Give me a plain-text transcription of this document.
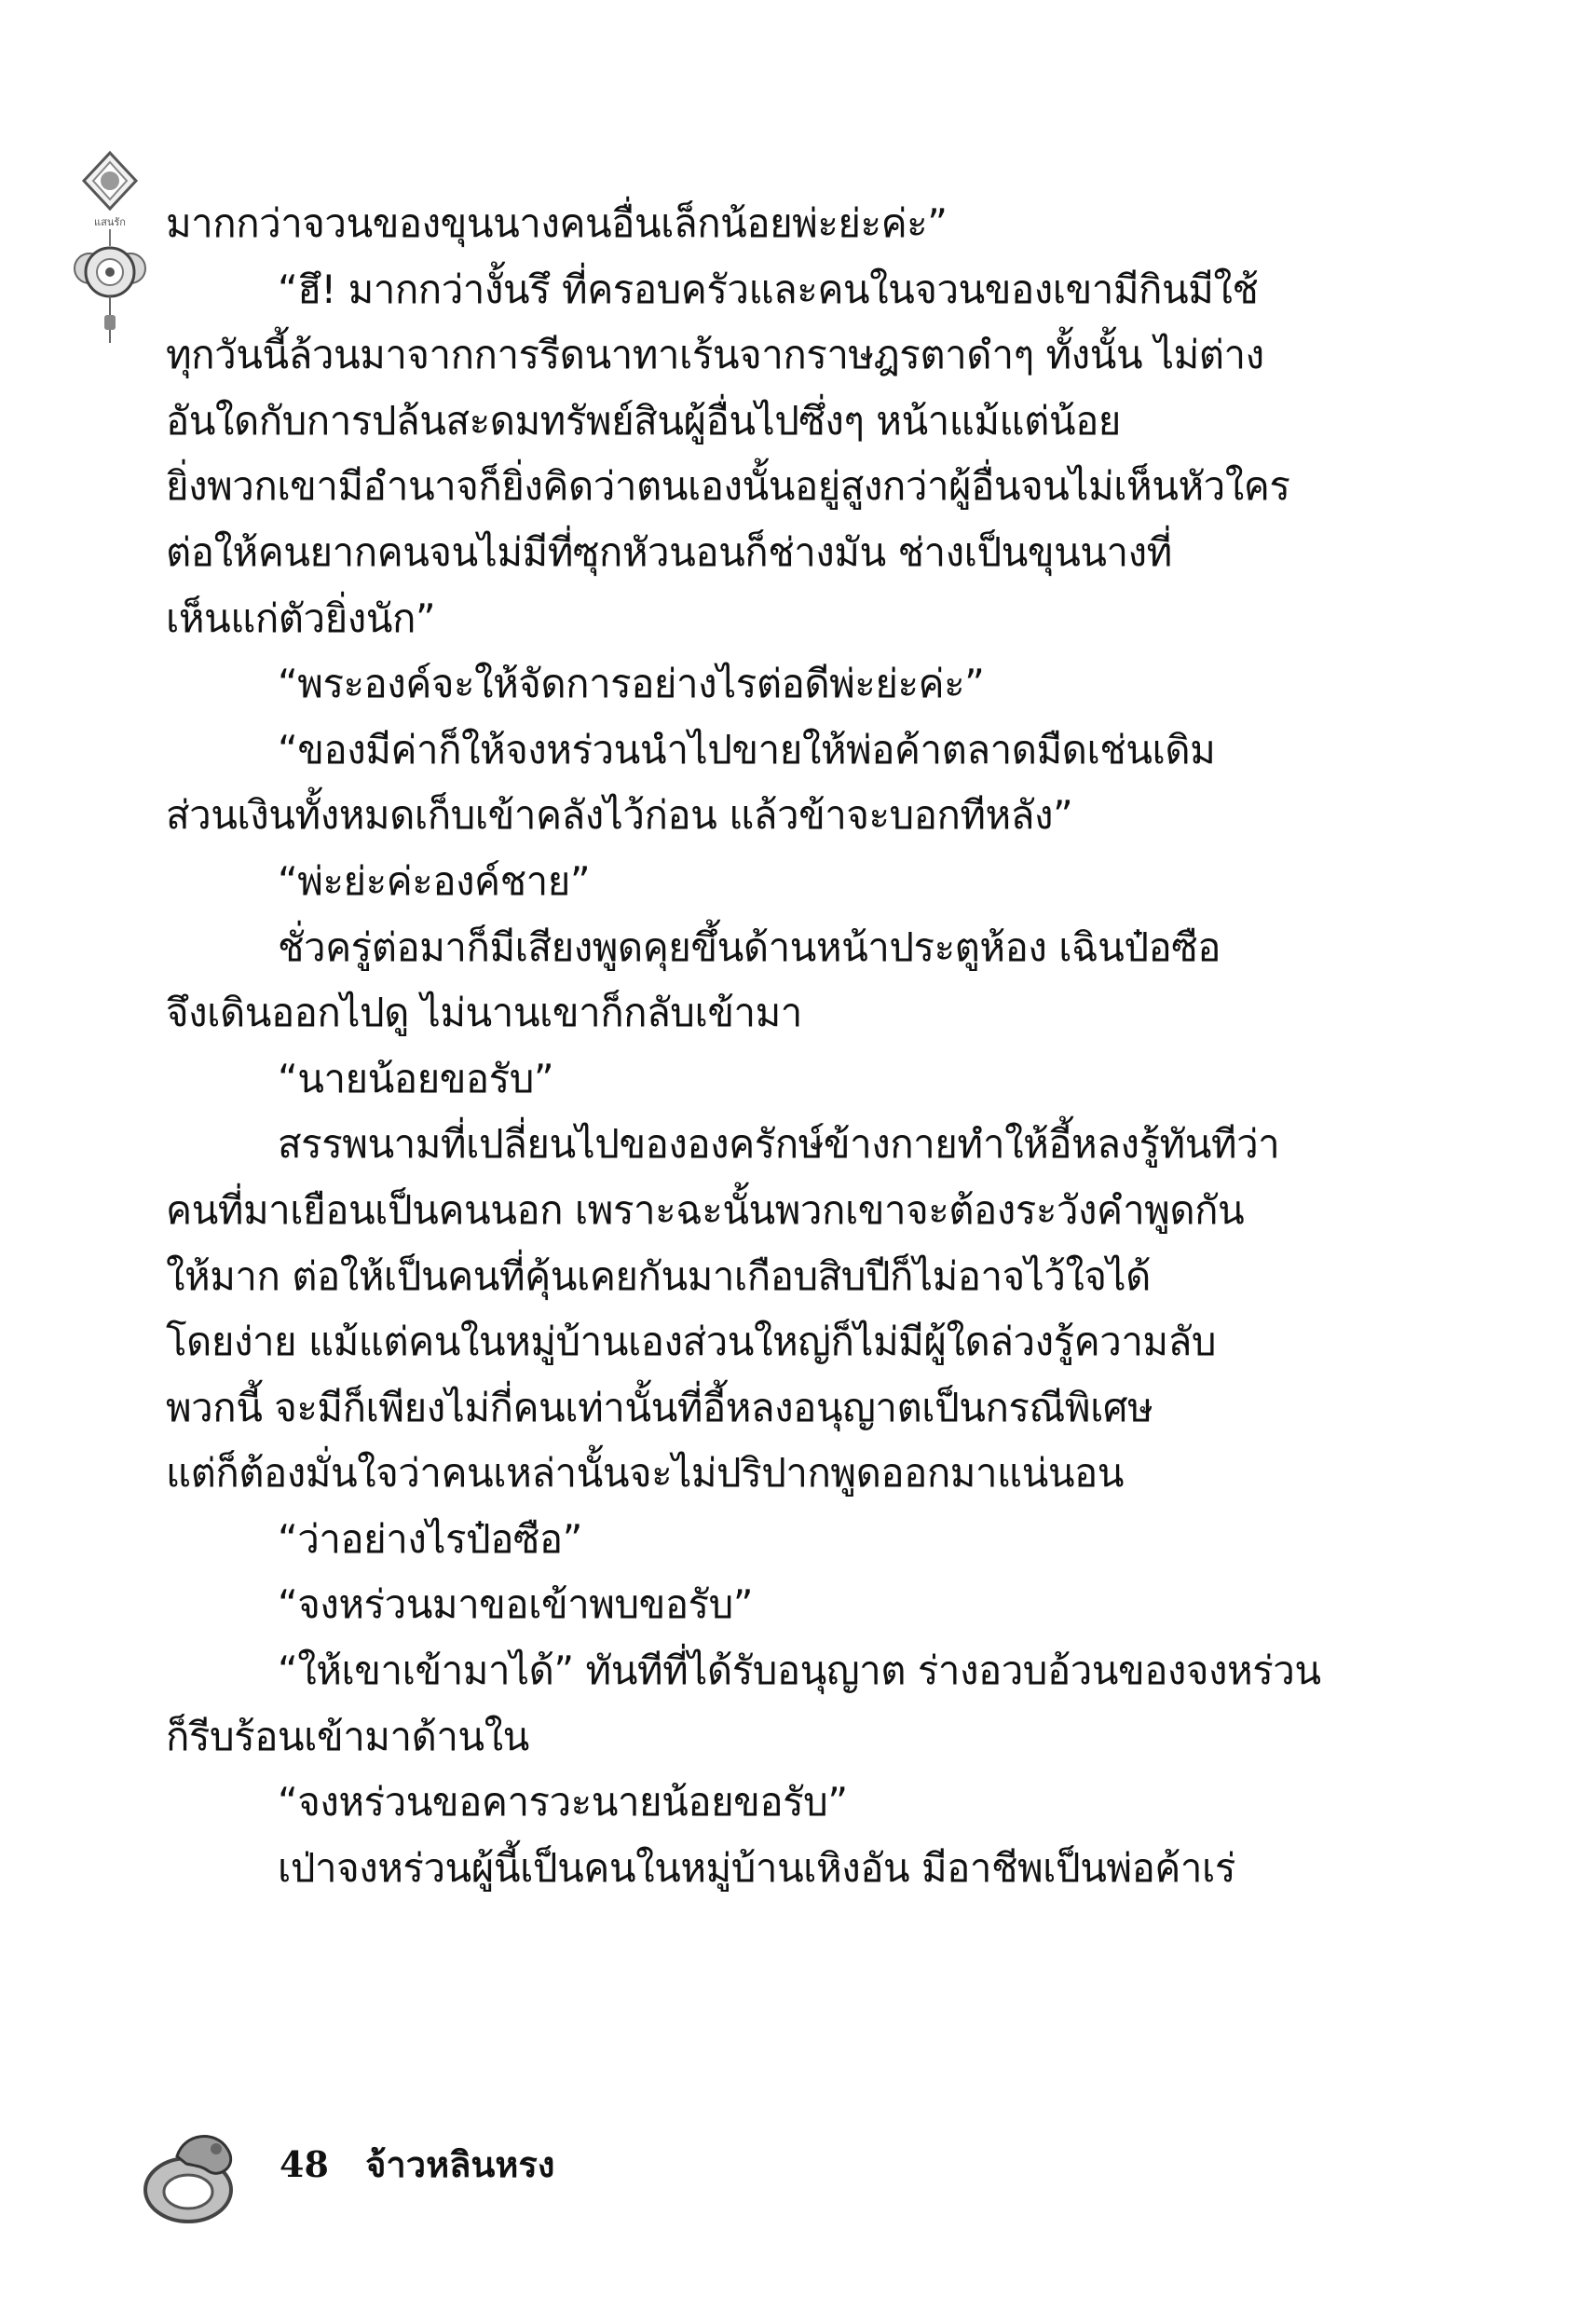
แสนรัก มากกว่าจวนของขุนนางคนอื่นเล็กน้อยพ่ะย่ะค่ะ”
“ฮึ! มากกว่างั้นรึ ที่ครอบครัวและคนในจวนของเขามีกินมีใช้
ทุกวันนี้ล้วนมาจากการรีดนาทาเร้นจากราษฎรตาดำๆ ทั้งนั้น ไม่ต่าง
อันใดกับการปล้นสะดมทรัพย์สินผู้อื่นไปซึ่งๆ หน้าแม้แต่น้อย
ยิ่งพวกเขามีอำนาจก็ยิ่งคิดว่าตนเองนั้นอยู่สูงกว่าผู้อื่นจนไม่เห็นหัวใคร
ต่อให้คนยากคนจนไม่มีที่ซุกหัวนอนก็ช่างมัน ช่างเป็นขุนนางที่
เห็นแก่ตัวยิ่งนัก”
“พระองค์จะให้จัดการอย่างไรต่อดีพ่ะย่ะค่ะ”
“ของมีค่าก็ให้จงหร่วนนำไปขายให้พ่อค้าตลาดมืดเช่นเดิม
ส่วนเงินทั้งหมดเก็บเข้าคลังไว้ก่อน แล้วข้าจะบอกทีหลัง”
“พ่ะย่ะค่ะองค์ชาย”
ชั่วครู่ต่อมาก็มีเสียงพูดคุยขึ้นด้านหน้าประตูห้อง เฉินป๋อซือ
จึงเดินออกไปดู ไม่นานเขาก็กลับเข้ามา
“นายน้อยขอรับ”
สรรพนามที่เปลี่ยนไปขององครักษ์ข้างกายทำให้อี้หลงรู้ทันทีว่า
คนที่มาเยือนเป็นคนนอก เพราะฉะนั้นพวกเขาจะต้องระวังคำพูดกัน
ให้มาก ต่อให้เป็นคนที่คุ้นเคยกันมาเกือบสิบปีก็ไม่อาจไว้ใจได้
โดยง่าย แม้แต่คนในหมู่บ้านเองส่วนใหญ่ก็ไม่มีผู้ใดล่วงรู้ความลับ
พวกนี้ จะมีก็เพียงไม่กี่คนเท่านั้นที่อี้หลงอนุญาตเป็นกรณีพิเศษ
แต่ก็ต้องมั่นใจว่าคนเหล่านั้นจะไม่ปริปากพูดออกมาแน่นอน
“ว่าอย่างไรป๋อซือ”
“จงหร่วนมาขอเข้าพบขอรับ”
“ให้เขาเข้ามาได้” ทันทีที่ได้รับอนุญาต ร่างอวบอ้วนของจงหร่วน
ก็รีบร้อนเข้ามาด้านใน
“จงหร่วนขอคารวะนายน้อยขอรับ”
เป่าจงหร่วนผู้นี้เป็นคนในหมู่บ้านเหิงอัน มีอาชีพเป็นพ่อค้าเร่
48 จ้าวหลินหรง
